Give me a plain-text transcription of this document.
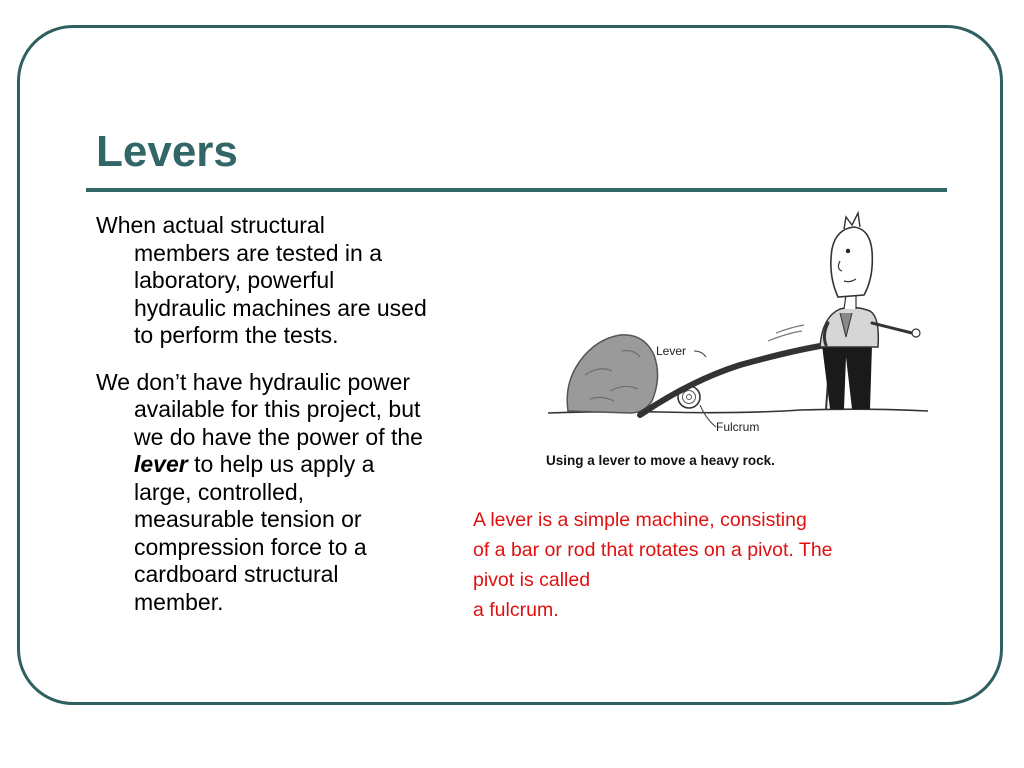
Levers

When actual structural
members are tested in a
laboratory, powerful
hydraulic machines are used
to perform the tests.

We don’t have hydraulic power
available for this project, but
we do have the power of the
lever to help us apply a
large, controlled,
measurable tension or
compression force to a
cardboard structural
member.

Lever
Fulcrum
Using a lever to move a heavy rock.
A lever is a simple machine, consisting
of a bar or rod that rotates on a pivot. The
pivot is called
a fulcrum.
